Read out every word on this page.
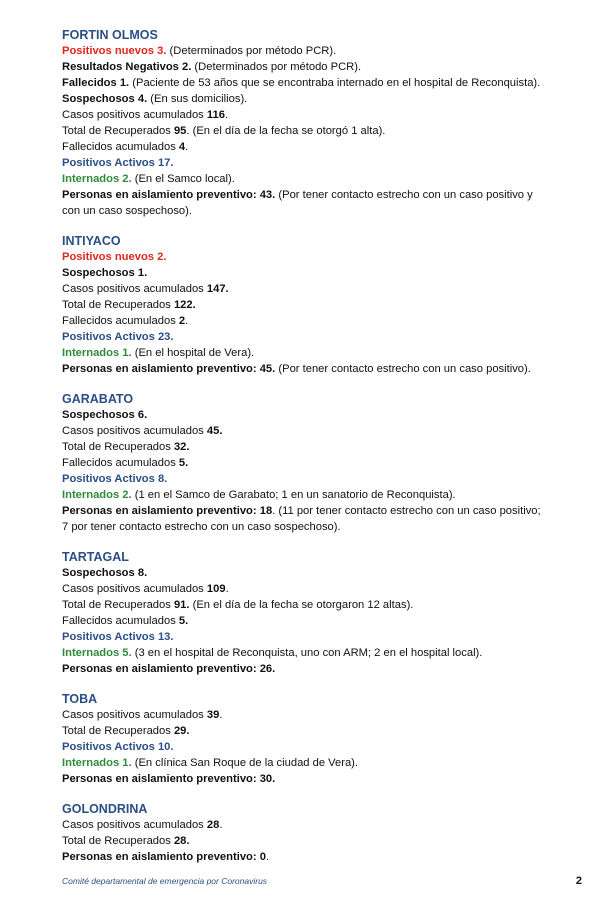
FORTIN OLMOS

Positivos nuevos 3. (Determinados por método PCR).

Resultados Negativos 2. (Determinados por método PCR).

Fallecidos 1. (Paciente de 53 años que se encontraba internado en el hospital de Reconquista).

Sospechosos 4. (En sus domicilios).

Casos positivos acumulados 116.

Total de Recuperados 95. (En el día de la fecha se otorgó 1 alta).

Fallecidos acumulados 4.

Positivos Activos 17.

Internados 2. (En el Samco local).

Personas en aislamiento preventivo: 43. (Por tener contacto estrecho con un caso positivo y

con un caso sospechoso).

INTIYACO

Positivos nuevos 2.

Sospechosos 1.

Casos positivos acumulados 147.

Total de Recuperados 122.

Fallecidos acumulados 2.

Positivos Activos 23.

Internados 1. (En el hospital de Vera).

Personas en aislamiento preventivo: 45. (Por tener contacto estrecho con un caso positivo).

GARABATO

Sospechosos 6.

Casos positivos acumulados 45.

Total de Recuperados 32.

Fallecidos acumulados 5.

Positivos Activos 8.

Internados 2. (1 en el Samco de Garabato; 1 en un sanatorio de Reconquista).

Personas en aislamiento preventivo: 18. (11 por tener contacto estrecho con un caso positivo;

7 por tener contacto estrecho con un caso sospechoso).

TARTAGAL

Sospechosos 8.

Casos positivos acumulados 109.

Total de Recuperados 91. (En el día de la fecha se otorgaron 12 altas).

Fallecidos acumulados 5.

Positivos Activos 13.

Internados 5. (3 en el hospital de Reconquista, uno con ARM; 2 en el hospital local).

Personas en aislamiento preventivo: 26.

TOBA

Casos positivos acumulados 39.

Total de Recuperados 29.

Positivos Activos 10.

Internados 1. (En clínica San Roque de la ciudad de Vera).

Personas en aislamiento preventivo: 30.

GOLONDRINA

Casos positivos acumulados 28.

Total de Recuperados 28.

Personas en aislamiento preventivo: 0.

Comité departamental de emergencia por Coronavirus	2
